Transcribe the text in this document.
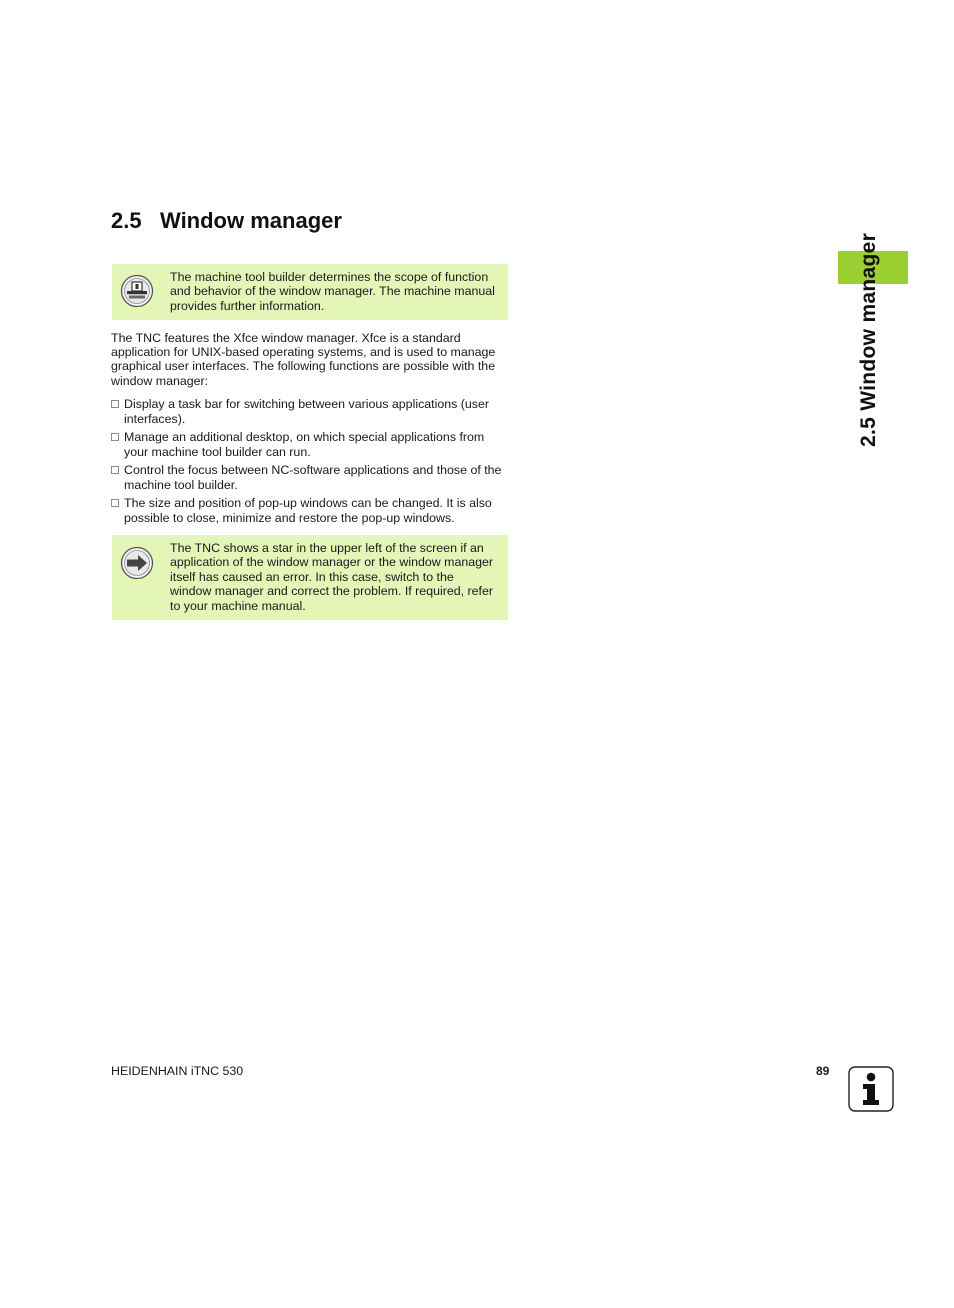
2.5 Window manager
The machine tool builder determines the scope of function and behavior of the window manager. The machine manual provides further information.

The TNC features the Xfce window manager. Xfce is a standard application for UNIX-based operating systems, and is used to manage graphical user interfaces. The following functions are possible with the window manager:

Display a task bar for switching between various applications (user interfaces).
Manage an additional desktop, on which special applications from your machine tool builder can run.
Control the focus between NC-software applications and those of the machine tool builder.
The size and position of pop-up windows can be changed. It is also possible to close, minimize and restore the pop-up windows.
The TNC shows a star in the upper left of the screen if an application of the window manager or the window manager itself has caused an error. In this case, switch to the window manager and correct the problem. If required, refer to your machine manual.
2.5 Window manager
HEIDENHAIN iTNC 530	89
